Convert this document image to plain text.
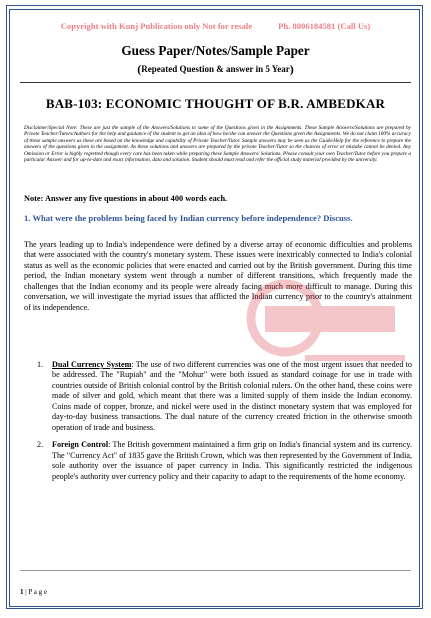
Copyright with Kunj Publication only Not for resale	Ph. 8006184581 (Call Us)
Guess Paper/Notes/Sample Paper
(Repeated Question & answer in 5 Year)
BAB-103: ECONOMIC THOUGHT OF B.R. AMBEDKAR
Disclaimer/Special Note: These are just the sample of the Answers/Solutions to some of the Questions given in the Assignments. These Sample Answers/Solutions are prepared by Private Teacher/Tutors/Authors for the help and guidance of the student to get an idea of how he/she can answer the Questions given the Assignments. We do not claim 100% accuracy of these sample answers as these are based on the knowledge and capability of Private Teacher/Tutor. Sample answers may be seen as the Guide/Help for the reference to prepare the answers of the questions given in the assignment. As these solutions and answers are prepared by the private Teacher/Tutor so the chances of error or mistake cannot be denied. Any Omission or Error is highly regretted though every care has been taken while preparing these Sample Answers/ Solutions. Please consult your own Teacher/Tutor before you prepare a particular Answer and for up-to-date and exact information, data and solution. Student should must read and refer the official study material provided by the university.
Note: Answer any five questions in about 400 words each.
1. What were the problems being faced by Indian currency before independence? Discuss.
The years leading up to India's independence were defined by a diverse array of economic difficulties and problems that were associated with the country's monetary system. These issues were inextricably connected to India's colonial status as well as the economic policies that were enacted and carried out by the British government. During this time period, the Indian monetary system went through a number of different transitions, which frequently made the challenges that the Indian economy and its people were already facing much more difficult to manage. During this conversation, we will investigate the myriad issues that afflicted the Indian currency prior to the country's attainment of its independence.
1. Dual Currency System: The use of two different currencies was one of the most urgent issues that needed to be addressed. The "Rupiah" and the "Mohur" were both issued as standard coinage for use in trade with countries outside of British colonial control by the British colonial rulers. On the other hand, these coins were made of silver and gold, which meant that there was a limited supply of them inside the Indian economy. Coins made of copper, bronze, and nickel were used in the distinct monetary system that was employed for day-to-day business transactions. The dual nature of the currency created friction in the otherwise smooth operation of trade and business.
2. Foreign Control: The British government maintained a firm grip on India's financial system and its currency. The "Currency Act" of 1835 gave the British Crown, which was then represented by the Government of India, sole authority over the issuance of paper currency in India. This significantly restricted the indigenous people's authority over currency policy and their capacity to adapt to the requirements of the home economy.
1 | P a g e
